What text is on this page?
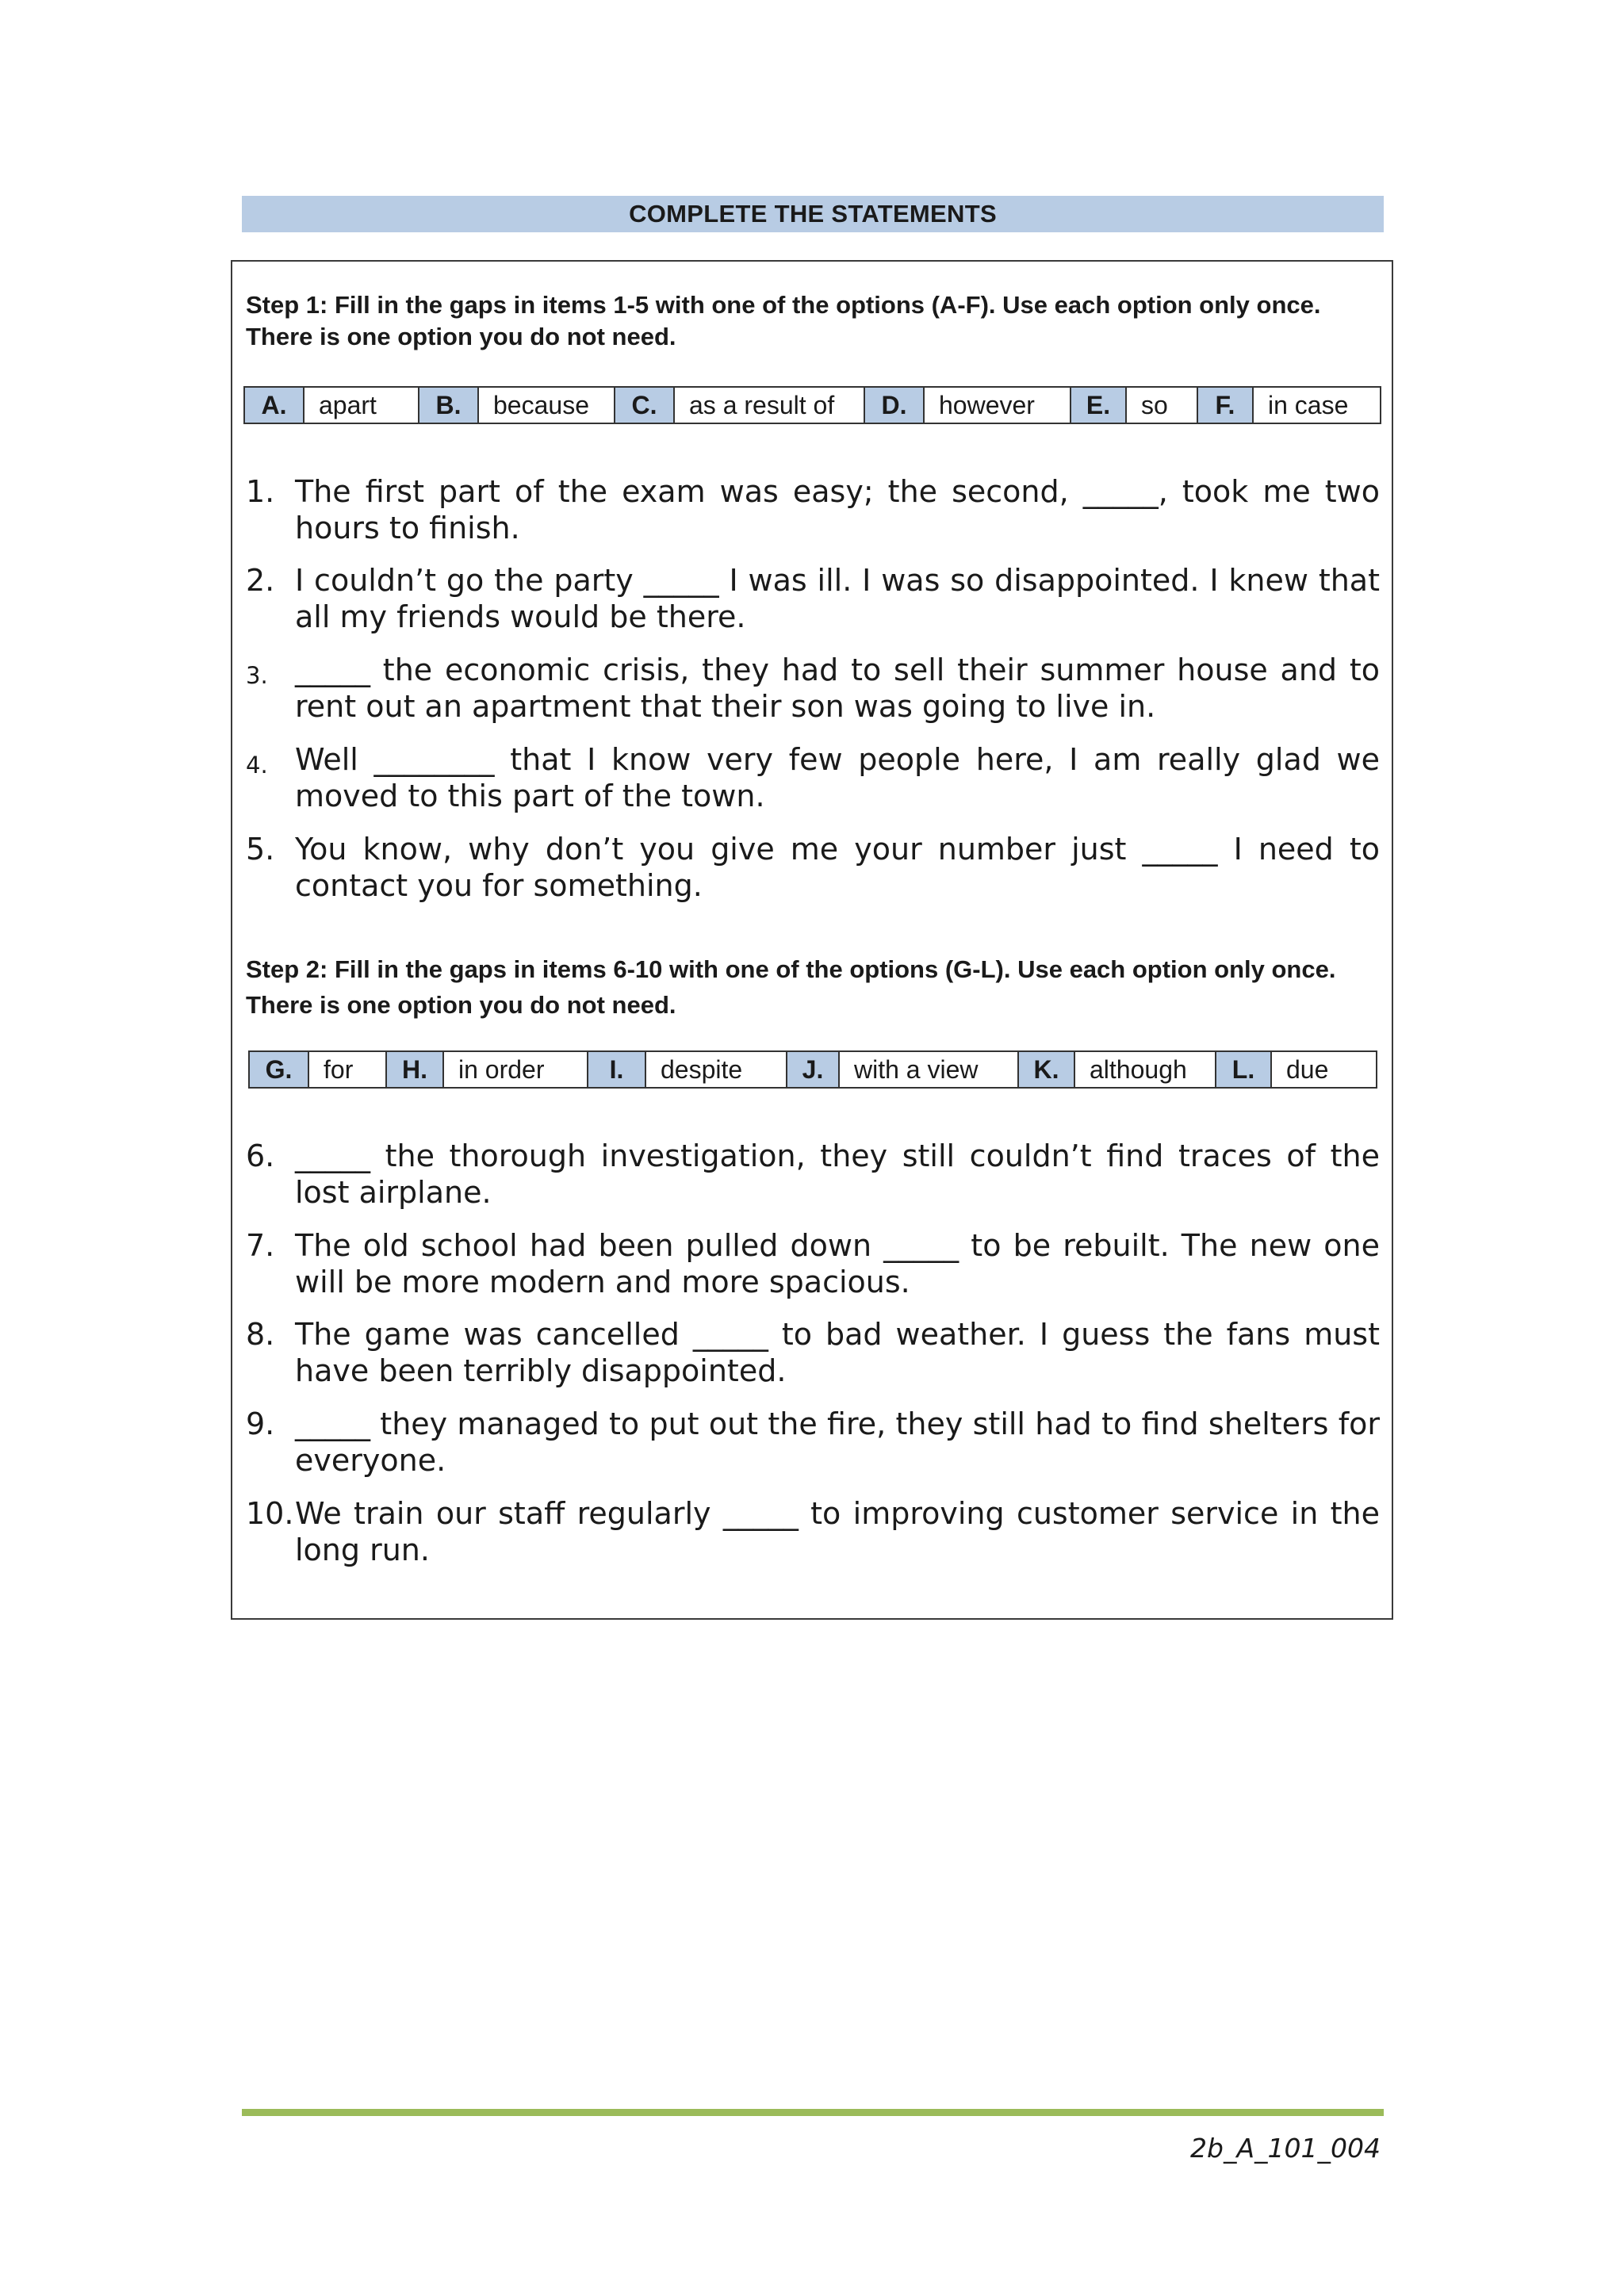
COMPLETE THE STATEMENTS
Step 1: Fill in the gaps in items 1-5 with one of the options (A-F). Use each option only once. There is one option you do not need.
A.	apart	B.	because	C.	as a result of	D.	however	E.	so	F.	in case
1. The first part of the exam was easy; the second, _____, took me two hours to finish.
2. I couldn’t go the party _____ I was ill. I was so disappointed. I knew that all my friends would be there.
3. _____ the economic crisis, they had to sell their summer house and to rent out an apartment that their son was going to live in.
4. Well ________ that I know very few people here, I am really glad we moved to this part of the town.
5. You know, why don’t you give me your number just _____ I need to contact you for something.
Step 2: Fill in the gaps in items 6-10 with one of the options (G-L). Use each option only once. There is one option you do not need.
G.	for	H.	in order	I.	despite	J.	with a view	K.	although	L.	due
6. _____ the thorough investigation, they still couldn’t find traces of the lost airplane.
7. The old school had been pulled down _____ to be rebuilt. The new one will be more modern and more spacious.
8. The game was cancelled _____ to bad weather. I guess the fans must have been terribly disappointed.
9. _____ they managed to put out the fire, they still had to find shelters for everyone.
10. We train our staff regularly _____ to improving customer service in the long run.
2b_A_101_004
